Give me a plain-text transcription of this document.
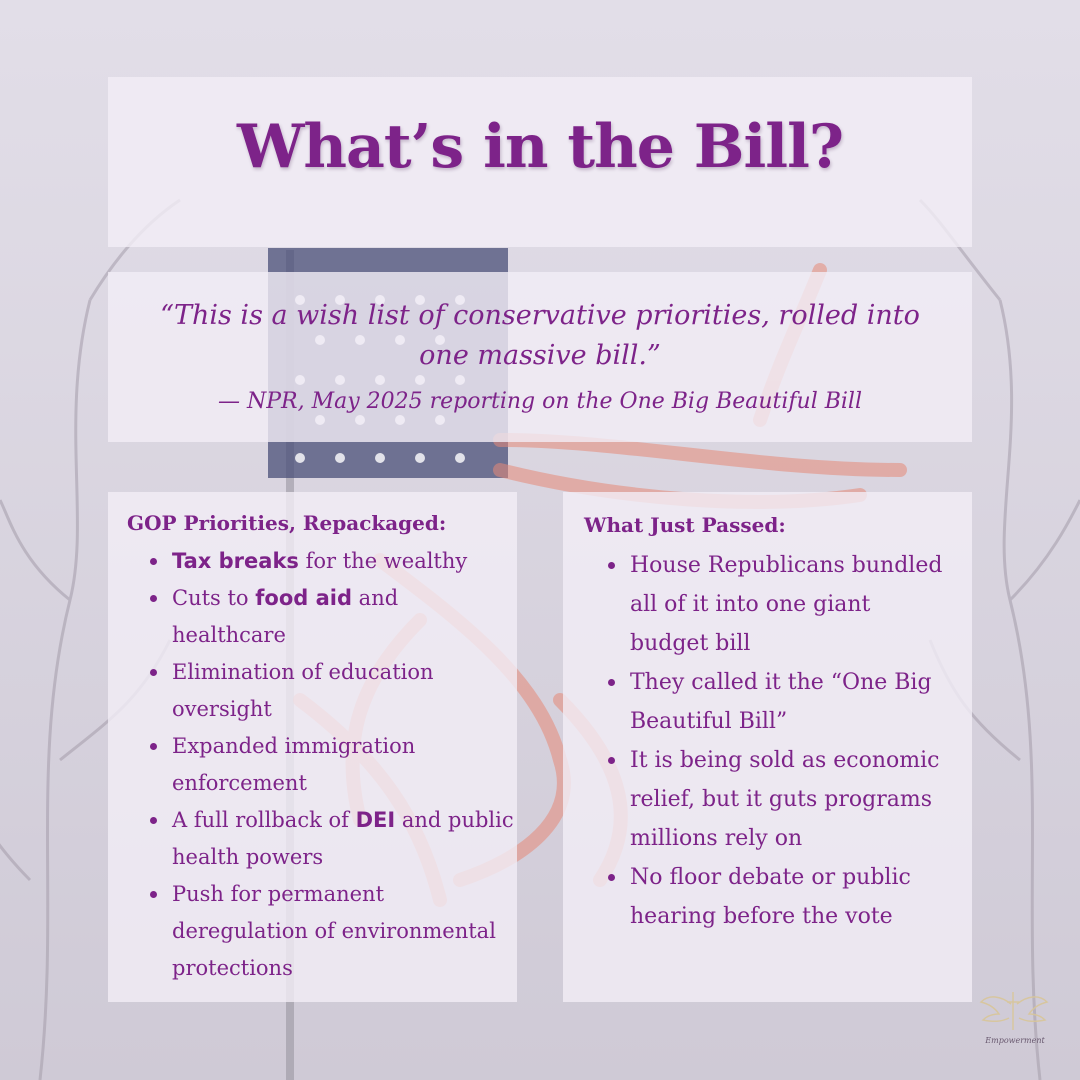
What’s in the Bill?

“This is a wish list of conservative priorities, rolled into one massive bill.”

— NPR, May 2025 reporting on the One Big Beautiful Bill

GOP Priorities, Repackaged:
Tax breaks for the wealthy
Cuts to food aid and healthcare
Elimination of education oversight
Expanded immigration enforcement
A full rollback of DEI and public health powers
Push for permanent deregulation of environmental protections
What Just Passed:
House Republicans bundled all of it into one giant budget bill
They called it the “One Big Beautiful Bill”
It is being sold as economic relief, but it guts programs millions rely on
No floor debate or public hearing before the vote
Empowerment
